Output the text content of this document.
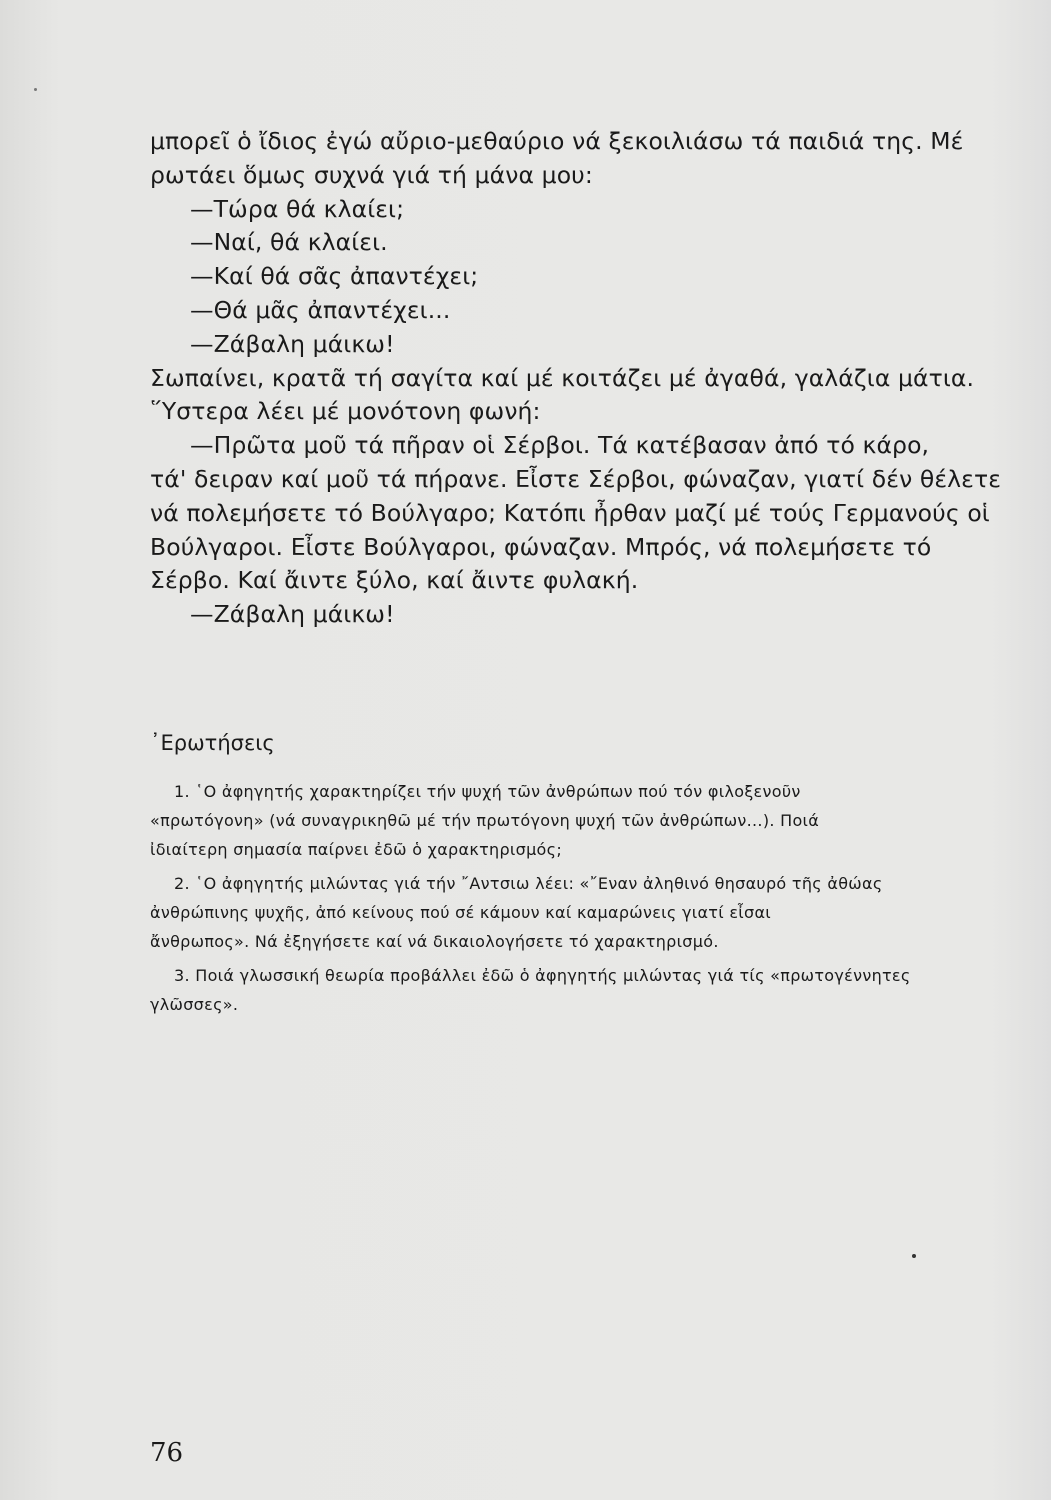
μπορεῖ ὁ ἴδιος ἐγώ αὔριο-μεθαύριο νά ξεκοιλιάσω τά παιδιά της. Μέ

ρωτάει ὅμως συχνά γιά τή μάνα μου:

—Τώρα θά κλαίει;

—Ναί, θά κλαίει.

—Καί θά σᾶς ἀπαντέχει;

—Θά μᾶς ἀπαντέχει...

—Ζάβαλη μάικω!

Σωπαίνει, κρατᾶ τή σαγίτα καί μέ κοιτάζει μέ ἀγαθά, γαλάζια μάτια.

῞Υστερα λέει μέ μονότονη φωνή:

—Πρῶτα μοῦ τά πῆραν οἱ Σέρβοι. Τά κατέβασαν ἀπό τό κάρο,

τά' δειραν καί μοῦ τά πήρανε. Εἶστε Σέρβοι, φώναζαν, γιατί δέν θέλετε

νά πολεμήσετε τό Βούλγαρο; Κατόπι ἦρθαν μαζί μέ τούς Γερμανούς οἱ

Βούλγαροι. Εἶστε Βούλγαροι, φώναζαν. Μπρός, νά πολεμήσετε τό

Σέρβο. Καί ἄιντε ξύλο, καί ἄιντε φυλακή.

—Ζάβαλη μάικω!

᾿Ερωτήσεις
1. ῾Ο ἀφηγητής χαρακτηρίζει τήν ψυχή τῶν ἀνθρώπων πού τόν φιλοξενοῦν
«πρωτόγονη» (νά συναγρικηθῶ μέ τήν πρωτόγονη ψυχή τῶν ἀνθρώπων...). Ποιά
ἰδιαίτερη σημασία παίρνει ἐδῶ ὁ χαρακτηρισμός;
2. ῾Ο ἀφηγητής μιλώντας γιά τήν ῎Αντσιω λέει: «῎Εναν ἀληθινό θησαυρό τῆς ἀθώας
ἀνθρώπινης ψυχῆς, ἀπό κείνους πού σέ κάμουν καί καμαρώνεις γιατί εἶσαι
ἄνθρωπος». Νά ἐξηγήσετε καί νά δικαιολογήσετε τό χαρακτηρισμό.
3. Ποιά γλωσσική θεωρία προβάλλει ἐδῶ ὁ ἀφηγητής μιλώντας γιά τίς «πρωτογέννητες
γλῶσσες».
76
